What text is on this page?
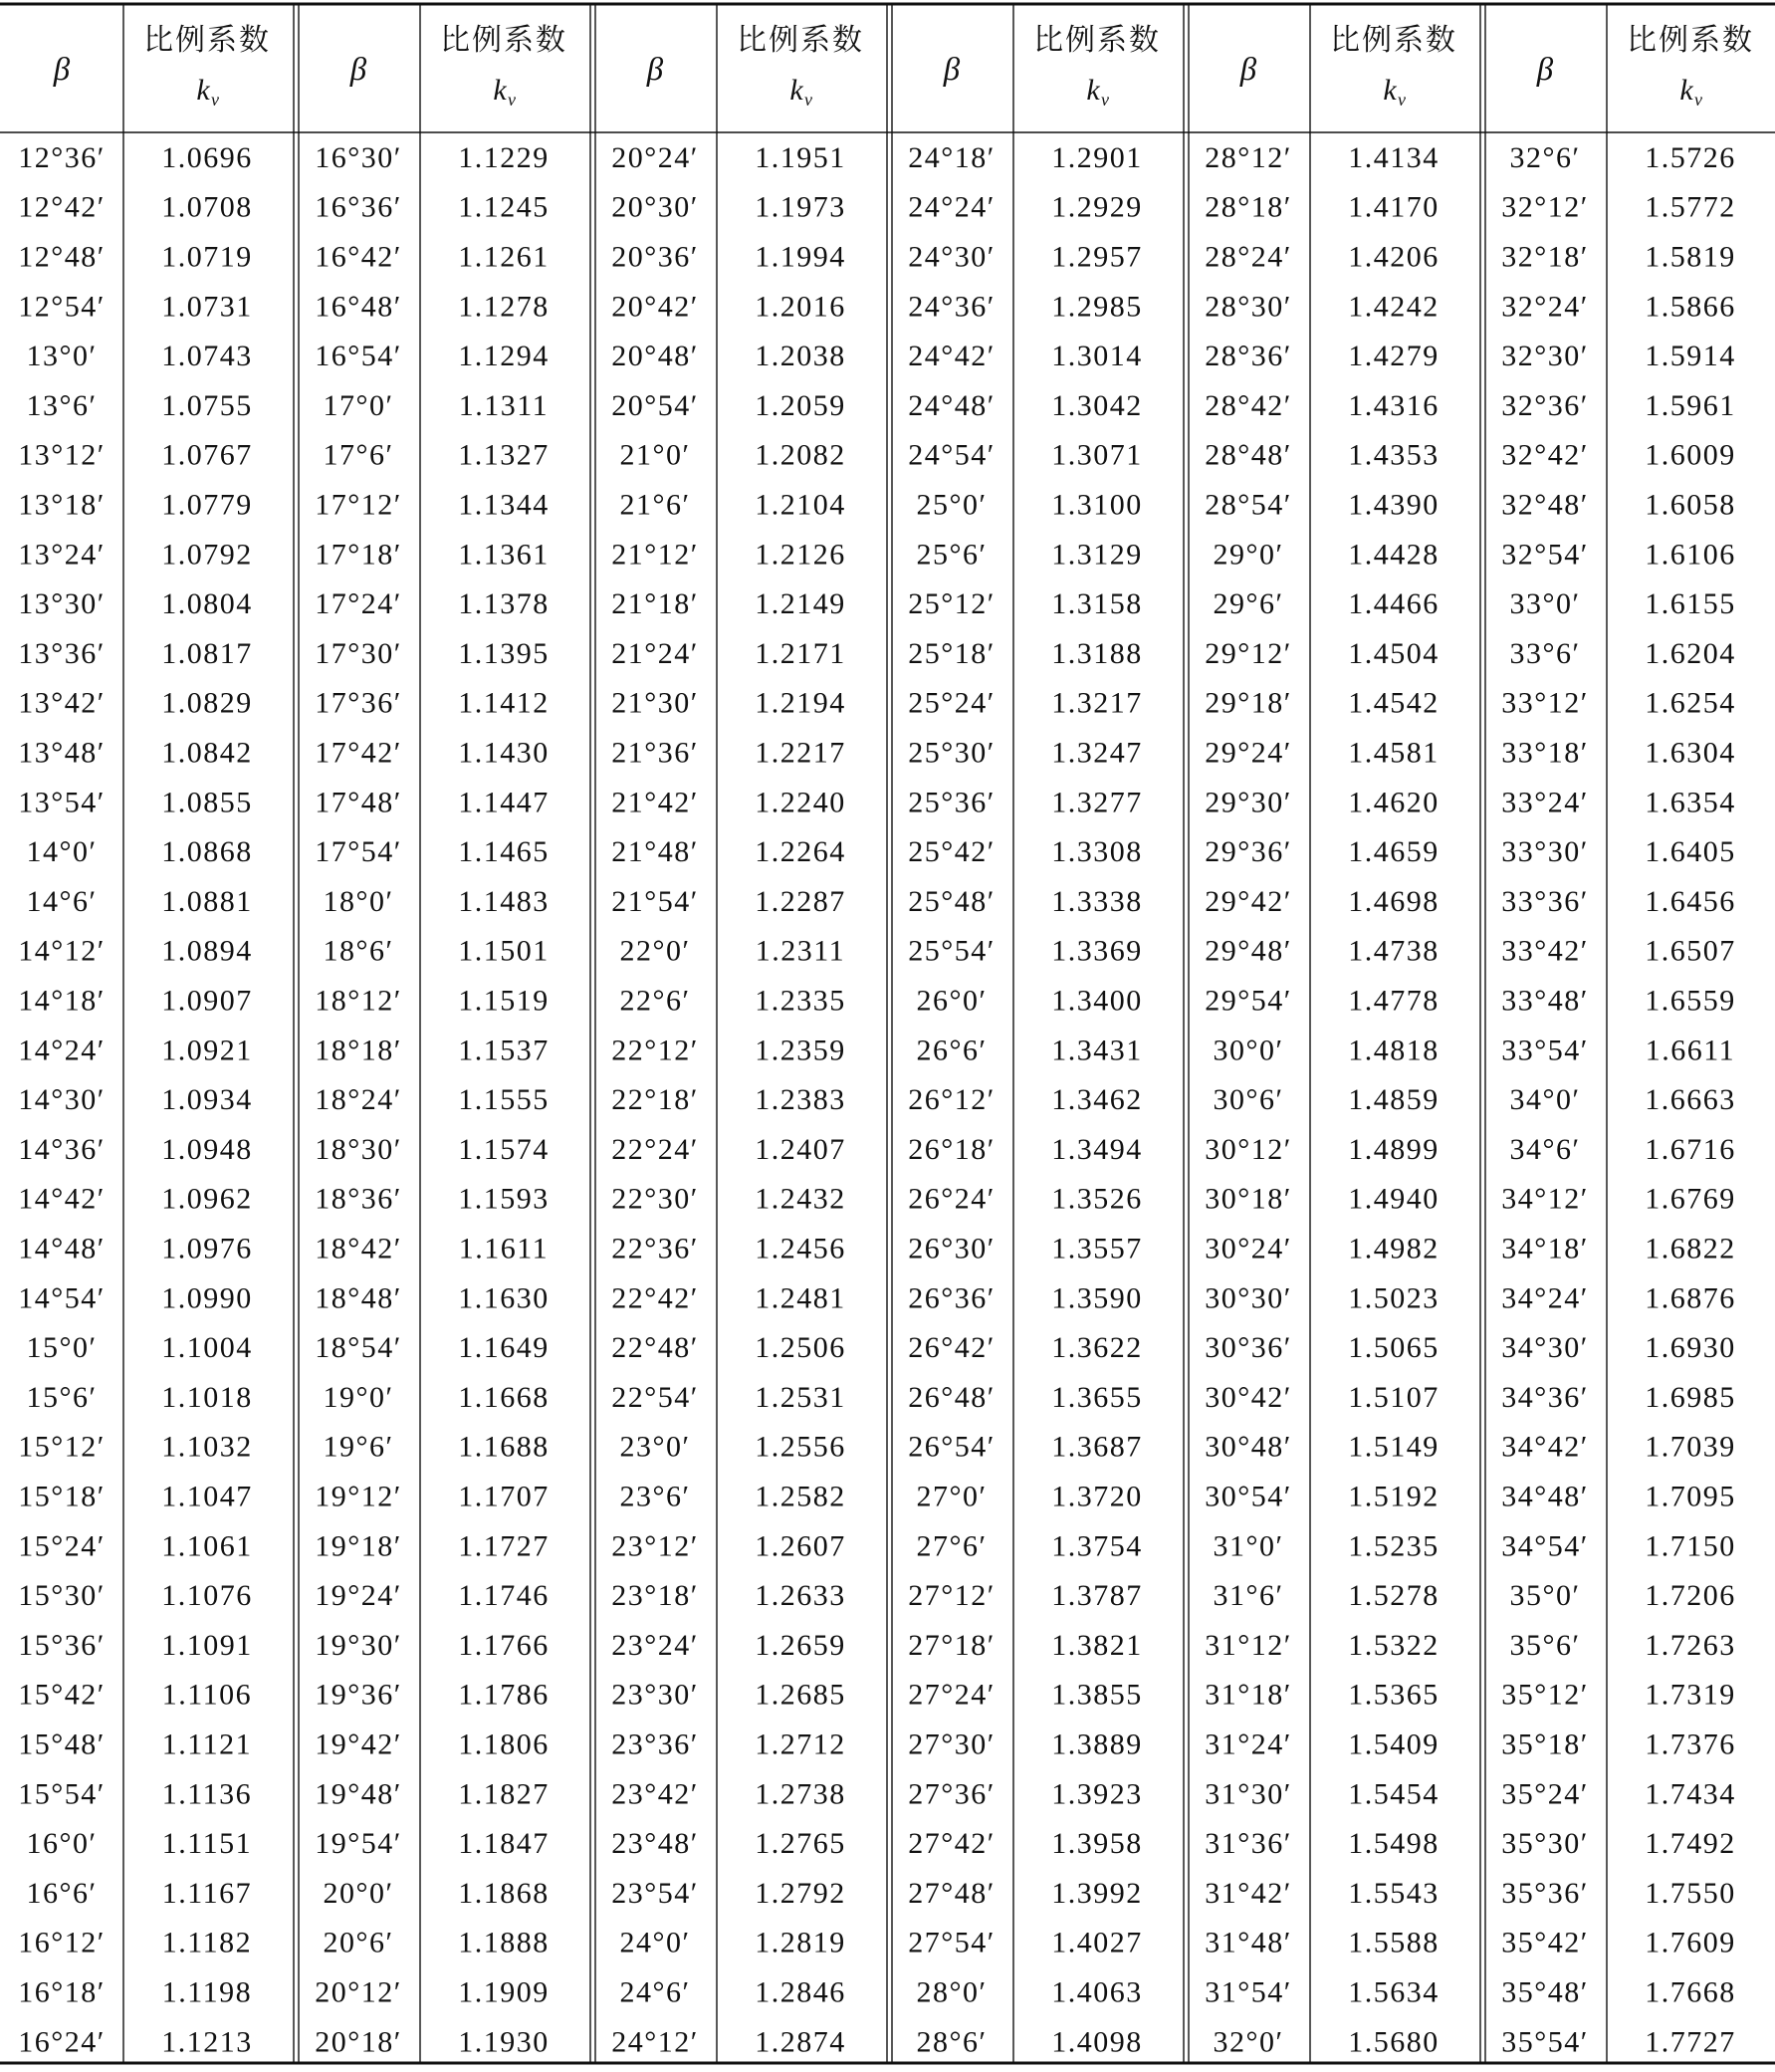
β
比例系数
k v
β
比例系数
k v
β
比例系数
k v
β
比例系数
k v
β
比例系数
k v
β
比例系数
k v
12°36′ 1.0696
12°42′ 1.0708
12°48′ 1.0719
12°54′ 1.0731
13°0′ 1.0743
13°6′ 1.0755
13°12′ 1.0767
13°18′ 1.0779
13°24′ 1.0792
13°30′ 1.0804
13°36′ 1.0817
13°42′ 1.0829
13°48′ 1.0842
13°54′ 1.0855
14°0′ 1.0868
14°6′ 1.0881
14°12′ 1.0894
14°18′ 1.0907
14°24′ 1.0921
14°30′ 1.0934
14°36′ 1.0948
14°42′ 1.0962
14°48′ 1.0976
14°54′ 1.0990
15°0′ 1.1004
15°6′ 1.1018
15°12′ 1.1032
15°18′ 1.1047
15°24′ 1.1061
15°30′ 1.1076
15°36′ 1.1091
15°42′ 1.1106
15°48′ 1.1121
15°54′ 1.1136
16°0′ 1.1151
16°6′ 1.1167
16°12′ 1.1182
16°18′ 1.1198
16°24′ 1.1213
16°30′ 1.1229
16°36′ 1.1245
16°42′ 1.1261
16°48′ 1.1278
16°54′ 1.1294
17°0′ 1.1311
17°6′ 1.1327
17°12′ 1.1344
17°18′ 1.1361
17°24′ 1.1378
17°30′ 1.1395
17°36′ 1.1412
17°42′ 1.1430
17°48′ 1.1447
17°54′ 1.1465
18°0′ 1.1483
18°6′ 1.1501
18°12′ 1.1519
18°18′ 1.1537
18°24′ 1.1555
18°30′ 1.1574
18°36′ 1.1593
18°42′ 1.1611
18°48′ 1.1630
18°54′ 1.1649
19°0′ 1.1668
19°6′ 1.1688
19°12′ 1.1707
19°18′ 1.1727
19°24′ 1.1746
19°30′ 1.1766
19°36′ 1.1786
19°42′ 1.1806
19°48′ 1.1827
19°54′ 1.1847
20°0′ 1.1868
20°6′ 1.1888
20°12′ 1.1909
20°18′ 1.1930
20°24′ 1.1951
20°30′ 1.1973
20°36′ 1.1994
20°42′ 1.2016
20°48′ 1.2038
20°54′ 1.2059
21°0′ 1.2082
21°6′ 1.2104
21°12′ 1.2126
21°18′ 1.2149
21°24′ 1.2171
21°30′ 1.2194
21°36′ 1.2217
21°42′ 1.2240
21°48′ 1.2264
21°54′ 1.2287
22°0′ 1.2311
22°6′ 1.2335
22°12′ 1.2359
22°18′ 1.2383
22°24′ 1.2407
22°30′ 1.2432
22°36′ 1.2456
22°42′ 1.2481
22°48′ 1.2506
22°54′ 1.2531
23°0′ 1.2556
23°6′ 1.2582
23°12′ 1.2607
23°18′ 1.2633
23°24′ 1.2659
23°30′ 1.2685
23°36′ 1.2712
23°42′ 1.2738
23°48′ 1.2765
23°54′ 1.2792
24°0′ 1.2819
24°6′ 1.2846
24°12′ 1.2874
24°18′ 1.2901
24°24′ 1.2929
24°30′ 1.2957
24°36′ 1.2985
24°42′ 1.3014
24°48′ 1.3042
24°54′ 1.3071
25°0′ 1.3100
25°6′ 1.3129
25°12′ 1.3158
25°18′ 1.3188
25°24′ 1.3217
25°30′ 1.3247
25°36′ 1.3277
25°42′ 1.3308
25°48′ 1.3338
25°54′ 1.3369
26°0′ 1.3400
26°6′ 1.3431
26°12′ 1.3462
26°18′ 1.3494
26°24′ 1.3526
26°30′ 1.3557
26°36′ 1.3590
26°42′ 1.3622
26°48′ 1.3655
26°54′ 1.3687
27°0′ 1.3720
27°6′ 1.3754
27°12′ 1.3787
27°18′ 1.3821
27°24′ 1.3855
27°30′ 1.3889
27°36′ 1.3923
27°42′ 1.3958
27°48′ 1.3992
27°54′ 1.4027
28°0′ 1.4063
28°6′ 1.4098
28°12′ 1.4134
28°18′ 1.4170
28°24′ 1.4206
28°30′ 1.4242
28°36′ 1.4279
28°42′ 1.4316
28°48′ 1.4353
28°54′ 1.4390
29°0′ 1.4428
29°6′ 1.4466
29°12′ 1.4504
29°18′ 1.4542
29°24′ 1.4581
29°30′ 1.4620
29°36′ 1.4659
29°42′ 1.4698
29°48′ 1.4738
29°54′ 1.4778
30°0′ 1.4818
30°6′ 1.4859
30°12′ 1.4899
30°18′ 1.4940
30°24′ 1.4982
30°30′ 1.5023
30°36′ 1.5065
30°42′ 1.5107
30°48′ 1.5149
30°54′ 1.5192
31°0′ 1.5235
31°6′ 1.5278
31°12′ 1.5322
31°18′ 1.5365
31°24′ 1.5409
31°30′ 1.5454
31°36′ 1.5498
31°42′ 1.5543
31°48′ 1.5588
31°54′ 1.5634
32°0′ 1.5680
32°6′ 1.5726
32°12′ 1.5772
32°18′ 1.5819
32°24′ 1.5866
32°30′ 1.5914
32°36′ 1.5961
32°42′ 1.6009
32°48′ 1.6058
32°54′ 1.6106
33°0′ 1.6155
33°6′ 1.6204
33°12′ 1.6254
33°18′ 1.6304
33°24′ 1.6354
33°30′ 1.6405
33°36′ 1.6456
33°42′ 1.6507
33°48′ 1.6559
33°54′ 1.6611
34°0′ 1.6663
34°6′ 1.6716
34°12′ 1.6769
34°18′ 1.6822
34°24′ 1.6876
34°30′ 1.6930
34°36′ 1.6985
34°42′ 1.7039
34°48′ 1.7095
34°54′ 1.7150
35°0′ 1.7206
35°6′ 1.7263
35°12′ 1.7319
35°18′ 1.7376
35°24′ 1.7434
35°30′ 1.7492
35°36′ 1.7550
35°42′ 1.7609
35°48′ 1.7668
35°54′ 1.7727
